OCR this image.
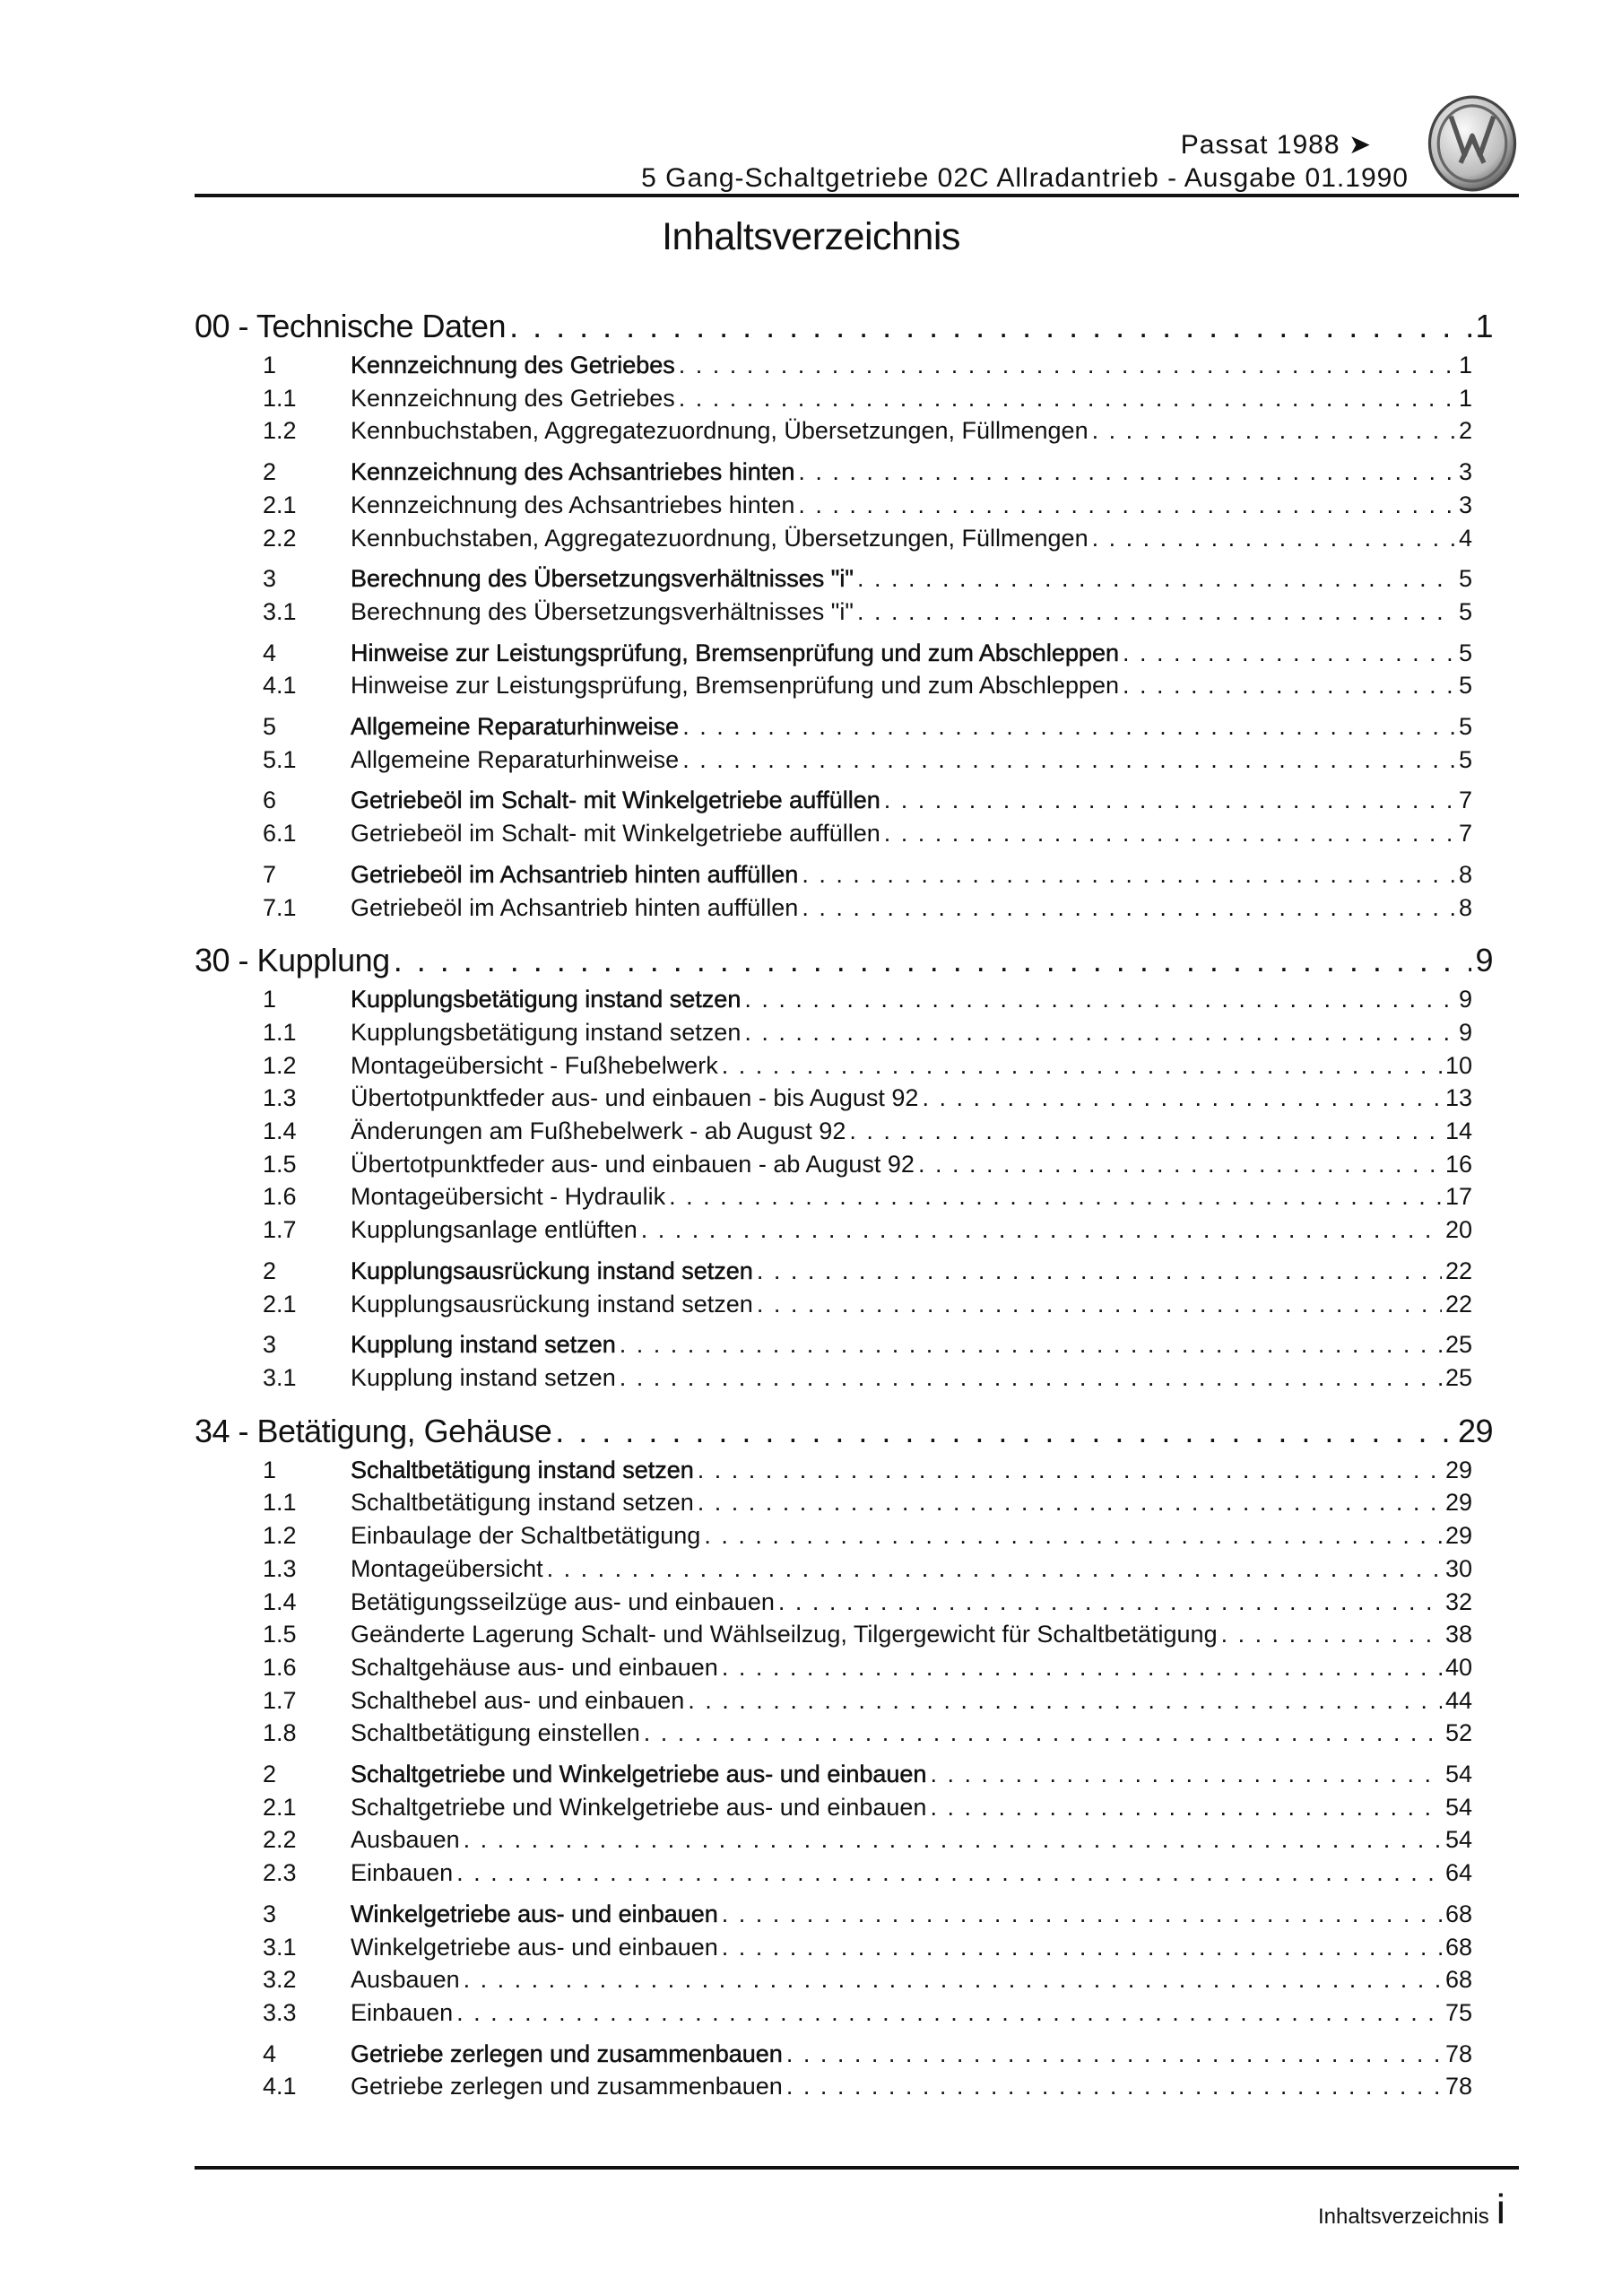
Passat 1988 ➤
5 Gang-Schaltgetriebe 02C Allradantrieb - Ausgabe 01.1990
Inhaltsverzeichnis
00 - Technische Daten . . .	1
1	Kennzeichnung des Getriebes . . .	1
1.1	Kennzeichnung des Getriebes . . .	1
1.2	Kennbuchstaben, Aggregatezuordnung, Übersetzungen, Füllmengen . . .	2
2	Kennzeichnung des Achsantriebes hinten . . .	3
2.1	Kennzeichnung des Achsantriebes hinten . . .	3
2.2	Kennbuchstaben, Aggregatezuordnung, Übersetzungen, Füllmengen . . .	4
3	Berechnung des Übersetzungsverhältnisses "i" . . .	5
3.1	Berechnung des Übersetzungsverhältnisses "i" . . .	5
4	Hinweise zur Leistungsprüfung, Bremsenprüfung und zum Abschleppen . . .	5
4.1	Hinweise zur Leistungsprüfung, Bremsenprüfung und zum Abschleppen . . .	5
5	Allgemeine Reparaturhinweise . . .	5
5.1	Allgemeine Reparaturhinweise . . .	5
6	Getriebeöl im Schalt- mit Winkelgetriebe auffüllen . . .	7
6.1	Getriebeöl im Schalt- mit Winkelgetriebe auffüllen . . .	7
7	Getriebeöl im Achsantrieb hinten auffüllen . . .	8
7.1	Getriebeöl im Achsantrieb hinten auffüllen . . .	8
30 - Kupplung . . .	9
1	Kupplungsbetätigung instand setzen . . .	9
1.1	Kupplungsbetätigung instand setzen . . .	9
1.2	Montageübersicht - Fußhebelwerk . . .	10
1.3	Übertotpunktfeder aus- und einbauen - bis August 92 . . .	13
1.4	Änderungen am Fußhebelwerk - ab August 92 . . .	14
1.5	Übertotpunktfeder aus- und einbauen - ab August 92 . . .	16
1.6	Montageübersicht - Hydraulik . . .	17
1.7	Kupplungsanlage entlüften . . .	20
2	Kupplungsausrückung instand setzen . . .	22
2.1	Kupplungsausrückung instand setzen . . .	22
3	Kupplung instand setzen . . .	25
3.1	Kupplung instand setzen . . .	25
34 - Betätigung, Gehäuse . . .	29
1	Schaltbetätigung instand setzen . . .	29
1.1	Schaltbetätigung instand setzen . . .	29
1.2	Einbaulage der Schaltbetätigung . . .	29
1.3	Montageübersicht . . .	30
1.4	Betätigungsseilzüge aus- und einbauen . . .	32
1.5	Geänderte Lagerung Schalt- und Wählseilzug, Tilgergewicht für Schaltbetätigung . . .	38
1.6	Schaltgehäuse aus- und einbauen . . .	40
1.7	Schalthebel aus- und einbauen . . .	44
1.8	Schaltbetätigung einstellen . . .	52
2	Schaltgetriebe und Winkelgetriebe aus- und einbauen . . .	54
2.1	Schaltgetriebe und Winkelgetriebe aus- und einbauen . . .	54
2.2	Ausbauen . . .	54
2.3	Einbauen . . .	64
3	Winkelgetriebe aus- und einbauen . . .	68
3.1	Winkelgetriebe aus- und einbauen . . .	68
3.2	Ausbauen . . .	68
3.3	Einbauen . . .	75
4	Getriebe zerlegen und zusammenbauen . . .	78
4.1	Getriebe zerlegen und zusammenbauen . . .	78
Inhaltsverzeichnis i
